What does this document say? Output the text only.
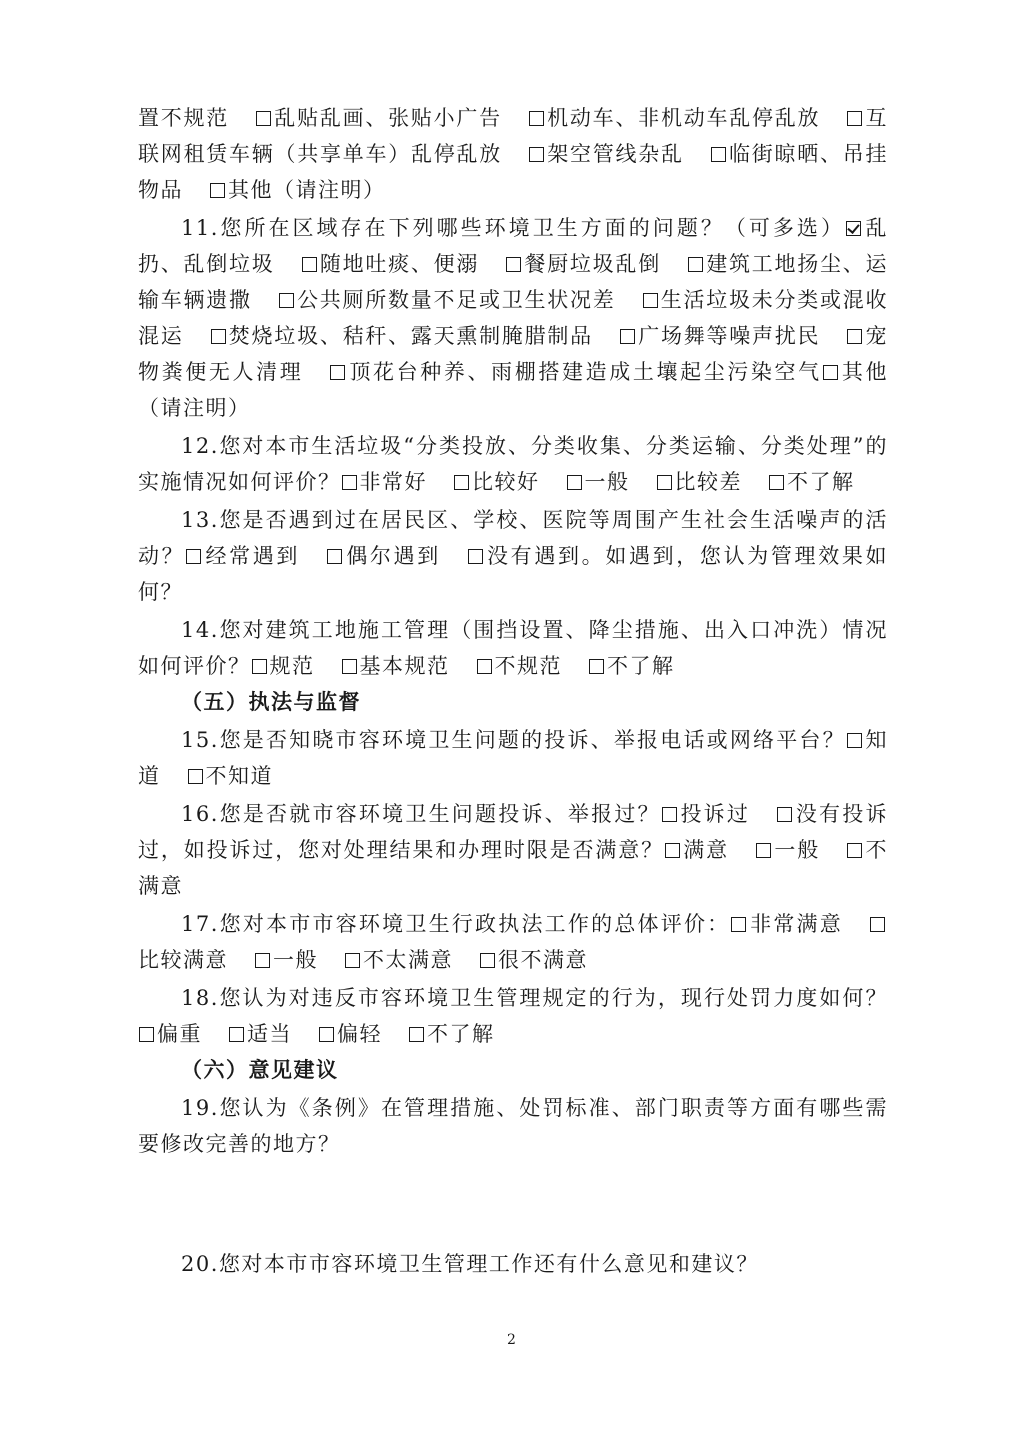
置不规范 乱贴乱画、张贴小广告 机动车、非机动车乱停乱放 互联网租赁车辆（共享单车）乱停乱放 架空管线杂乱 临街晾晒、吊挂物品 其他（请注明）

11.您所在区域存在下列哪些环境卫生方面的问题？（可多选） 乱扔、乱倒垃圾 随地吐痰、便溺 餐厨垃圾乱倒 建筑工地扬尘、运输车辆遗撒 公共厕所数量不足或卫生状况差 生活垃圾未分类或混收混运 焚烧垃圾、秸秆、露天熏制腌腊制品 广场舞等噪声扰民 宠物粪便无人清理 顶花台种养、雨棚搭建造成土壤起尘污染空气 其他（请注明）

12.您对本市生活垃圾“分类投放、分类收集、分类运输、分类处理”的实施情况如何评价？ 非常好 比较好 一般 比较差 不了解

13.您是否遇到过在居民区、学校、医院等周围产生社会生活噪声的活动？ 经常遇到 偶尔遇到 没有遇到。如遇到，您认为管理效果如何？

14.您对建筑工地施工管理（围挡设置、降尘措施、出入口冲洗）情况如何评价？ 规范 基本规范 不规范 不了解

（五）执法与监督

15.您是否知晓市容环境卫生问题的投诉、举报电话或网络平台？ 知道 不知道

16.您是否就市容环境卫生问题投诉、举报过？ 投诉过 没有投诉过，如投诉过，您对处理结果和办理时限是否满意？ 满意 一般 不满意

17.您对本市市容环境卫生行政执法工作的总体评价： 非常满意比较满意 一般 不太满意 很不满意

18.您认为对违反市容环境卫生管理规定的行为，现行处罚力度如何？偏重 适当 偏轻 不了解

（六）意见建议

19.您认为《条例》在管理措施、处罚标准、部门职责等方面有哪些需要修改完善的地方？

20.您对本市市容环境卫生管理工作还有什么意见和建议？

2
